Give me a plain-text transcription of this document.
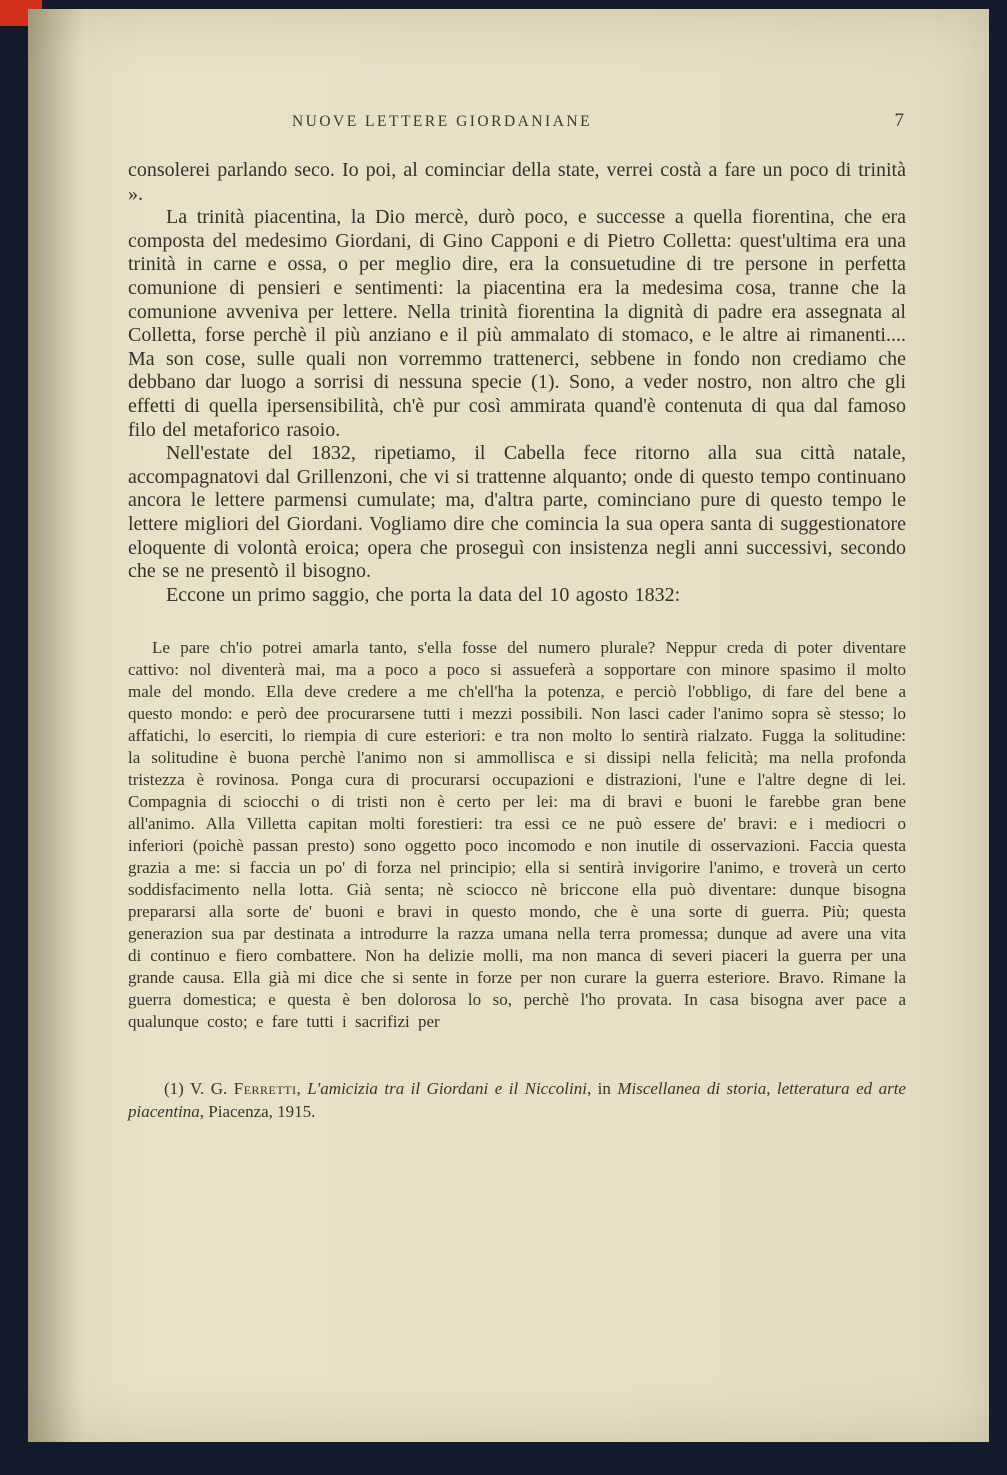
NUOVE LETTERE GIORDANIANE	7

consolerei parlando seco. Io poi, al cominciar della state, verrei costà a fare un poco di trinità ».

La trinità piacentina, la Dio mercè, durò poco, e successe a quella fiorentina, che era composta del medesimo Giordani, di Gino Capponi e di Pietro Colletta: quest'ultima era una trinità in carne e ossa, o per meglio dire, era la consuetudine di tre persone in perfetta comunione di pensieri e sentimenti: la piacentina era la medesima cosa, tranne che la comunione avveniva per lettere. Nella trinità fiorentina la dignità di padre era assegnata al Colletta, forse perchè il più anziano e il più ammalato di stomaco, e le altre ai rimanenti.... Ma son cose, sulle quali non vorremmo trattenerci, sebbene in fondo non crediamo che debbano dar luogo a sorrisi di nessuna specie (1). Sono, a veder nostro, non altro che gli effetti di quella ipersensibilità, ch'è pur così ammirata quand'è contenuta di qua dal famoso filo del metaforico rasoio.

Nell'estate del 1832, ripetiamo, il Cabella fece ritorno alla sua città natale, accompagnatovi dal Grillenzoni, che vi si trattenne alquanto; onde di questo tempo continuano ancora le lettere parmensi cumulate; ma, d'altra parte, cominciano pure di questo tempo le lettere migliori del Giordani. Vogliamo dire che comincia la sua opera santa di suggestionatore eloquente di volontà eroica; opera che proseguì con insistenza negli anni successivi, secondo che se ne presentò il bisogno.

Eccone un primo saggio, che porta la data del 10 agosto 1832:

Le pare ch'io potrei amarla tanto, s'ella fosse del numero plurale? Neppur creda di poter diventare cattivo: nol diventerà mai, ma a poco a poco si assueferà a sopportare con minore spasimo il molto male del mondo. Ella deve credere a me ch'ell'ha la potenza, e perciò l'obbligo, di fare del bene a questo mondo: e però dee procurarsene tutti i mezzi possibili. Non lasci cader l'animo sopra sè stesso; lo affatichi, lo eserciti, lo riempia di cure esteriori: e tra non molto lo sentirà rialzato. Fugga la solitudine: la solitudine è buona perchè l'animo non si ammollisca e si dissipi nella felicità; ma nella profonda tristezza è rovinosa. Ponga cura di procurarsi occupazioni e distrazioni, l'une e l'altre degne di lei. Compagnia di sciocchi o di tristi non è certo per lei: ma di bravi e buoni le farebbe gran bene all'animo. Alla Villetta capitan molti forestieri: tra essi ce ne può essere de' bravi: e i mediocri o inferiori (poichè passan presto) sono oggetto poco incomodo e non inutile di osservazioni. Faccia questa grazia a me: si faccia un po' di forza nel principio; ella si sentirà invigorire l'animo, e troverà un certo soddisfacimento nella lotta. Già senta; nè sciocco nè briccone ella può diventare: dunque bisogna prepararsi alla sorte de' buoni e bravi in questo mondo, che è una sorte di guerra. Più; questa generazion sua par destinata a introdurre la razza umana nella terra promessa; dunque ad avere una vita di continuo e fiero combattere. Non ha delizie molli, ma non manca di severi piaceri la guerra per una grande causa. Ella già mi dice che si sente in forze per non curare la guerra esteriore. Bravo. Rimane la guerra domestica; e questa è ben dolorosa lo so, perchè l'ho provata. In casa bisogna aver pace a qualunque costo; e fare tutti i sacrifizi per

(1) V. G. Ferretti, L'amicizia tra il Giordani e il Niccolini, in Miscellanea di storia, letteratura ed arte piacentina, Piacenza, 1915.
